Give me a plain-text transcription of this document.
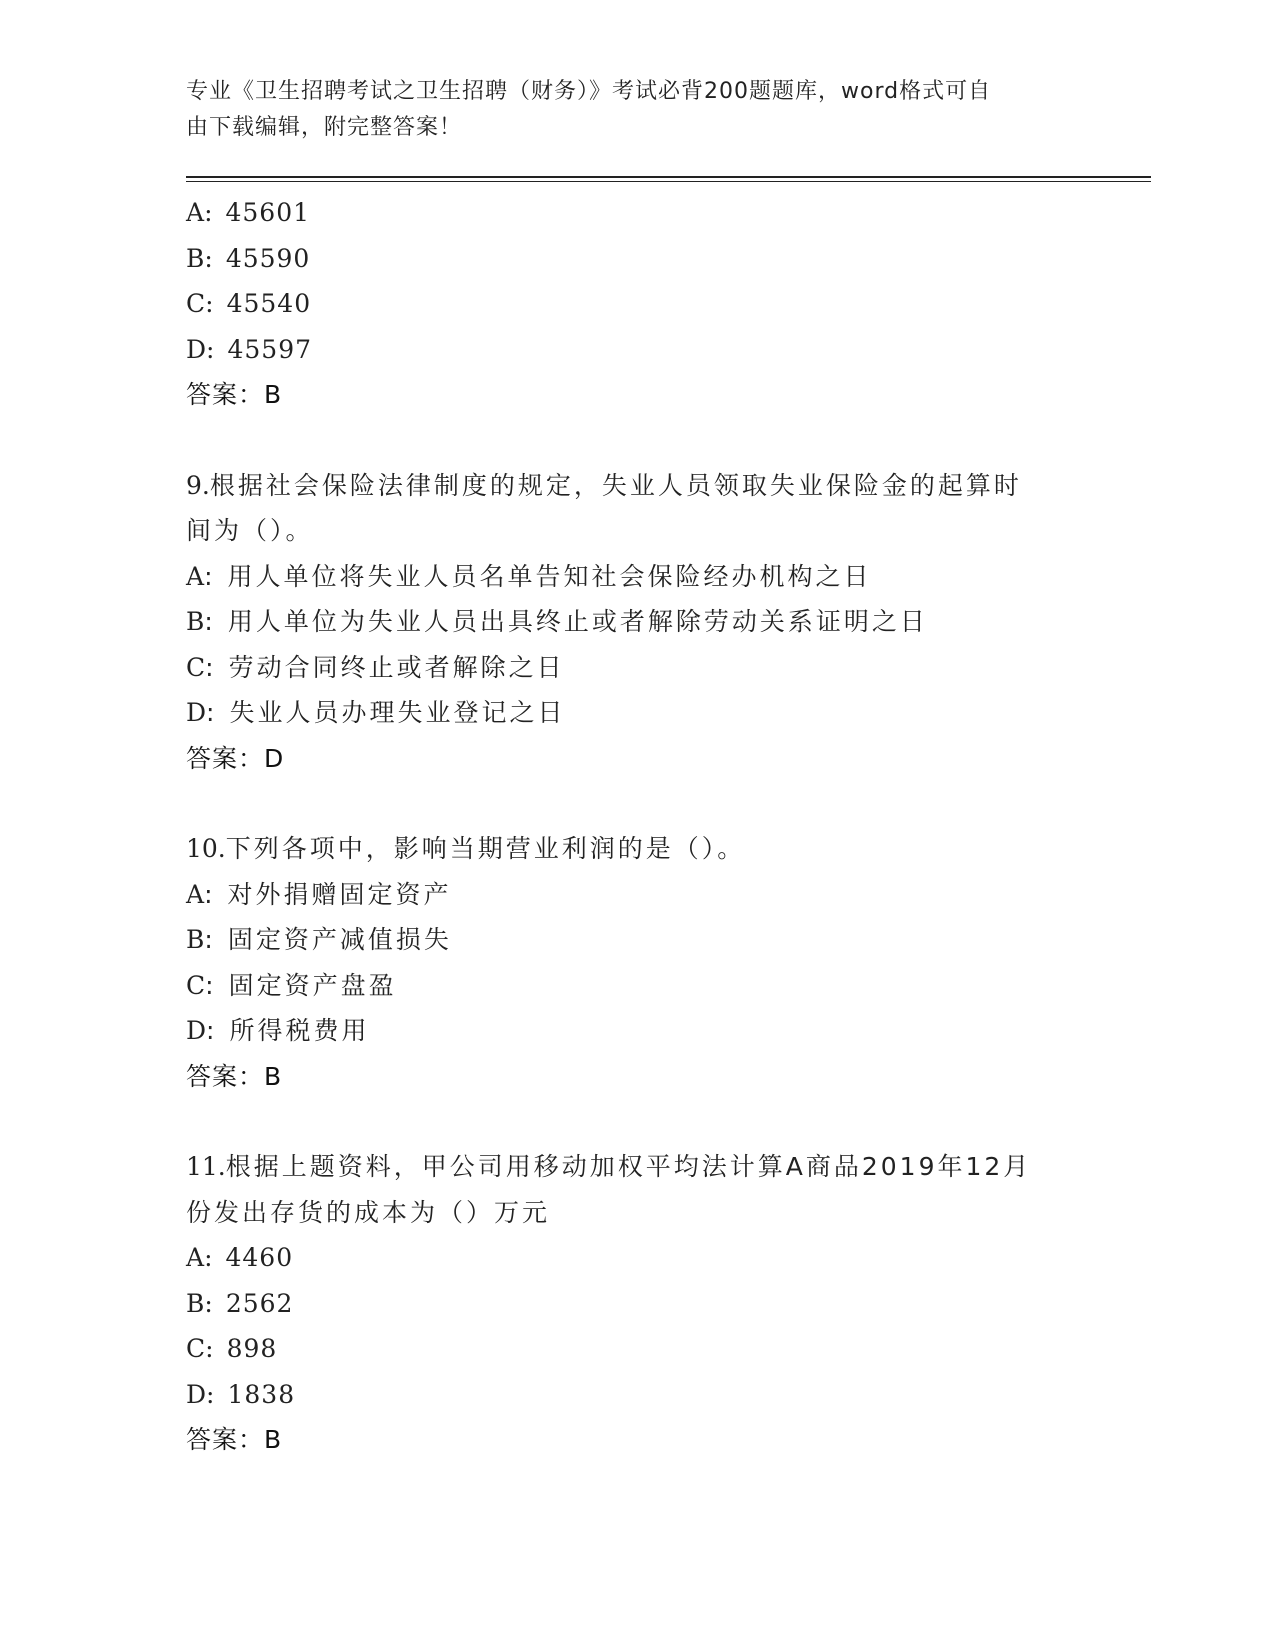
专业《卫生招聘考试之卫生招聘（财务）》考试必背200题题库，word格式可自
由下载编辑，附完整答案！
A: 45601
B: 45590
C: 45540
D: 45597
答案：B
9.根据社会保险法律制度的规定，失业人员领取失业保险金的起算时
间为（）。
A: 用人单位将失业人员名单告知社会保险经办机构之日
B: 用人单位为失业人员出具终止或者解除劳动关系证明之日
C: 劳动合同终止或者解除之日
D: 失业人员办理失业登记之日
答案：D
10.下列各项中，影响当期营业利润的是（）。
A: 对外捐赠固定资产
B: 固定资产减值损失
C: 固定资产盘盈
D: 所得税费用
答案：B
11.根据上题资料，甲公司用移动加权平均法计算A商品2019年12月
份发出存货的成本为（）万元
A: 4460
B: 2562
C: 898
D: 1838
答案：B
